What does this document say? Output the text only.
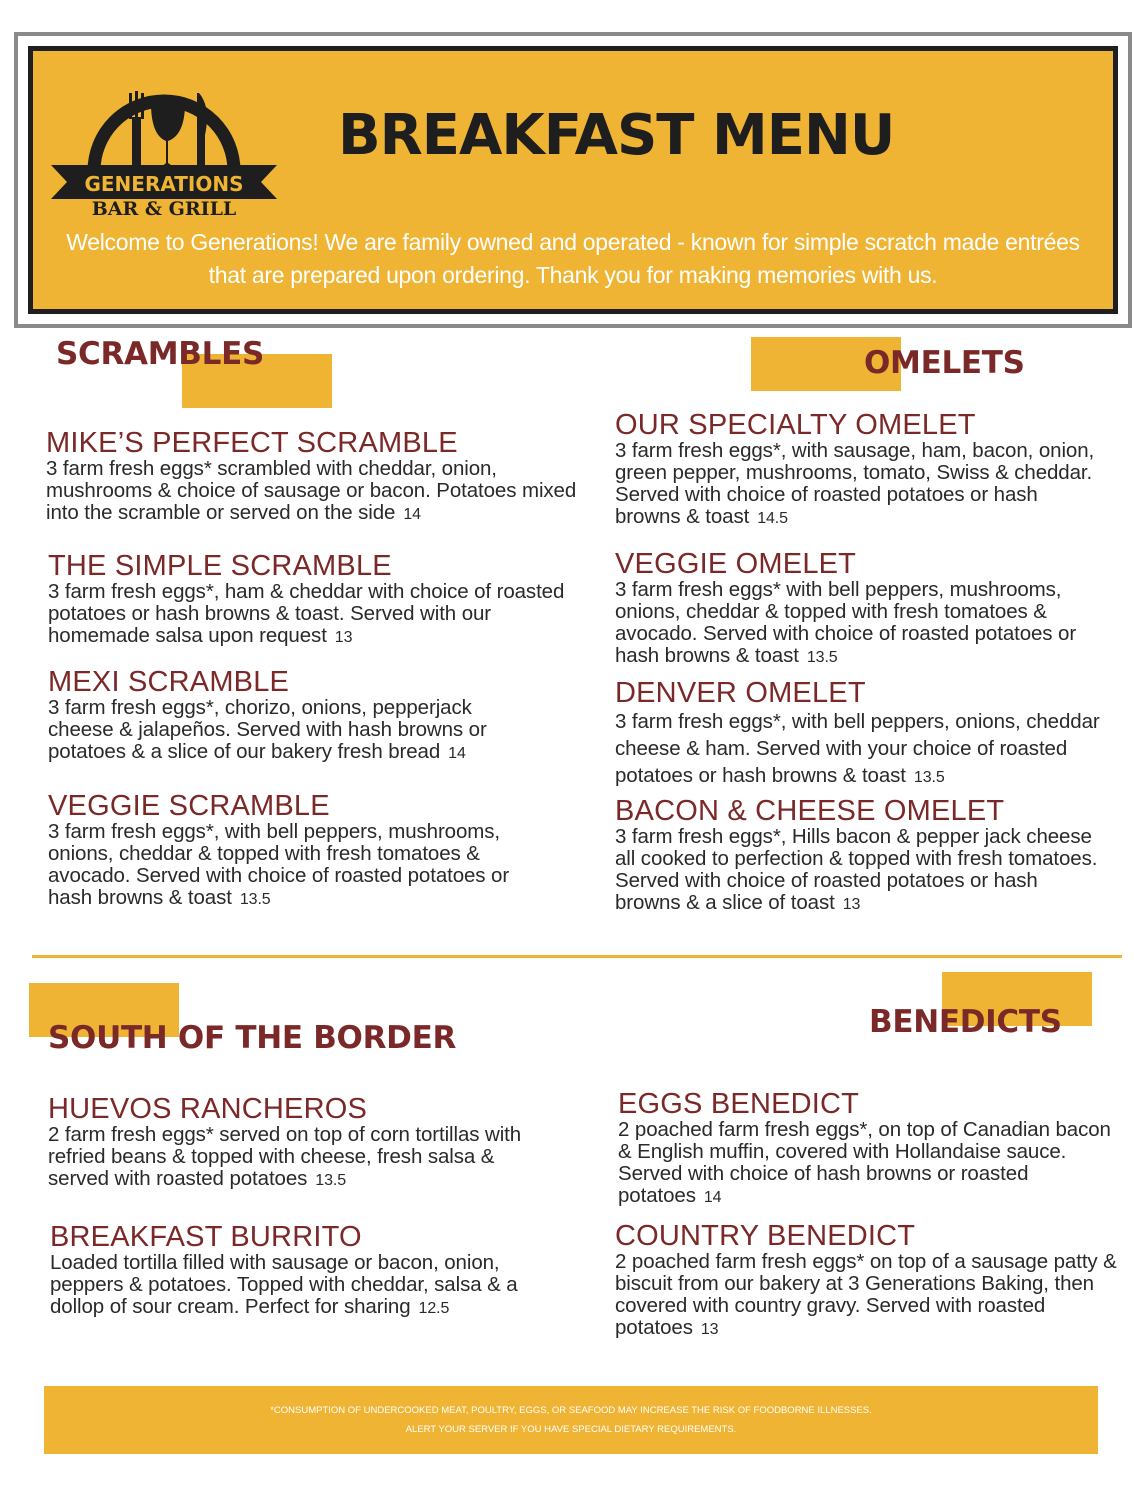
GENERATIONS
BAR & GRILL
BREAKFAST MENU
Welcome to Generations! We are family owned and operated - known for simple scratch made entrées that are prepared upon ordering. Thank you for making memories with us.
SCRAMBLES
MIKE’S PERFECT SCRAMBLE
3 farm fresh eggs* scrambled with cheddar, onion, mushrooms & choice of sausage or bacon. Potatoes mixed into the scramble or served on the side 14
THE SIMPLE SCRAMBLE
3 farm fresh eggs*, ham & cheddar with choice of roasted potatoes or hash browns & toast. Served with our homemade salsa upon request 13
MEXI SCRAMBLE
3 farm fresh eggs*, chorizo, onions, pepperjack cheese & jalapeños. Served with hash browns or potatoes & a slice of our bakery fresh bread 14
VEGGIE SCRAMBLE
3 farm fresh eggs*, with bell peppers, mushrooms, onions, cheddar & topped with fresh tomatoes & avocado. Served with choice of roasted potatoes or hash browns & toast 13.5
OMELETS
OUR SPECIALTY OMELET
3 farm fresh eggs*, with sausage, ham, bacon, onion, green pepper, mushrooms, tomato, Swiss & cheddar. Served with choice of roasted potatoes or hash browns & toast 14.5
VEGGIE OMELET
3 farm fresh eggs* with bell peppers, mushrooms, onions, cheddar & topped with fresh tomatoes & avocado. Served with choice of roasted potatoes or hash browns & toast 13.5
DENVER OMELET
3 farm fresh eggs*, with bell peppers, onions, cheddar cheese & ham. Served with your choice of roasted potatoes or hash browns & toast 13.5
BACON & CHEESE OMELET
3 farm fresh eggs*, Hills bacon & pepper jack cheese all cooked to perfection & topped with fresh tomatoes. Served with choice of roasted potatoes or hash browns & a slice of toast 13
SOUTH OF THE BORDER
HUEVOS RANCHEROS
2 farm fresh eggs* served on top of corn tortillas with refried beans & topped with cheese, fresh salsa & served with roasted potatoes 13.5
BREAKFAST BURRITO
Loaded tortilla filled with sausage or bacon, onion, peppers & potatoes. Topped with cheddar, salsa & a dollop of sour cream. Perfect for sharing 12.5
BENEDICTS
EGGS BENEDICT
2 poached farm fresh eggs*, on top of Canadian bacon & English muffin, covered with Hollandaise sauce. Served with choice of hash browns or roasted potatoes 14
COUNTRY BENEDICT
2 poached farm fresh eggs* on top of a sausage patty & biscuit from our bakery at 3 Generations Baking, then covered with country gravy. Served with roasted potatoes 13
*CONSUMPTION OF UNDERCOOKED MEAT, POULTRY, EGGS, OR SEAFOOD MAY INCREASE THE RISK OF FOODBORNE ILLNESSES.
ALERT YOUR SERVER IF YOU HAVE SPECIAL DIETARY REQUIREMENTS.
